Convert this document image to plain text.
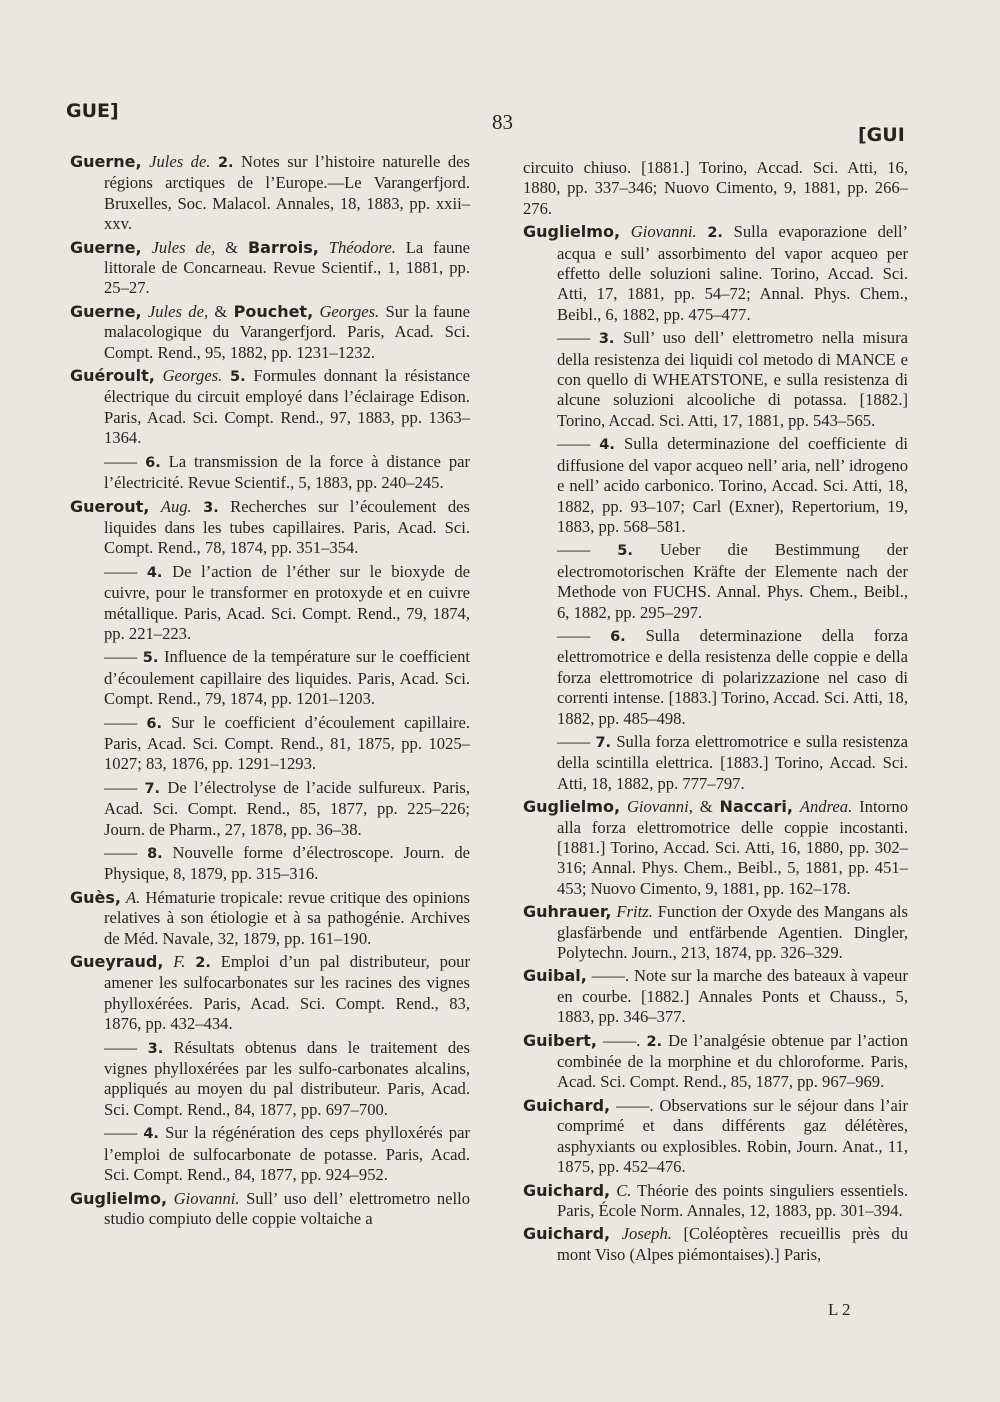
GUE]	83
[GUI

Guerne, Jules de. 2. Notes sur l’histoire naturelle des régions arctiques de l’Europe.—Le Varangerfjord. Bruxelles, Soc. Malacol. Annales, 18, 1883, pp. xxii–xxv.

Guerne, Jules de, & Barrois, Théodore. La faune littorale de Concarneau. Revue Scientif., 1, 1881, pp. 25–27.

Guerne, Jules de, & Pouchet, Georges. Sur la faune malacologique du Varangerfjord. Paris, Acad. Sci. Compt. Rend., 95, 1882, pp. 1231–1232.

Guéroult, Georges. 5. Formules donnant la résistance électrique du circuit employé dans l’éclairage Edison. Paris, Acad. Sci. Compt. Rend., 97, 1883, pp. 1363–1364.

—— 6. La transmission de la force à distance par l’électricité. Revue Scientif., 5, 1883, pp. 240–245.

Guerout, Aug. 3. Recherches sur l’écoulement des liquides dans les tubes capillaires. Paris, Acad. Sci. Compt. Rend., 78, 1874, pp. 351–354.

—— 4. De l’action de l’éther sur le bioxyde de cuivre, pour le transformer en protoxyde et en cuivre métallique. Paris, Acad. Sci. Compt. Rend., 79, 1874, pp. 221–223.

—— 5. Influence de la température sur le coefficient d’écoulement capillaire des liquides. Paris, Acad. Sci. Compt. Rend., 79, 1874, pp. 1201–1203.

—— 6. Sur le coefficient d’écoulement capillaire. Paris, Acad. Sci. Compt. Rend., 81, 1875, pp. 1025–1027; 83, 1876, pp. 1291–1293.

—— 7. De l’électrolyse de l’acide sulfureux. Paris, Acad. Sci. Compt. Rend., 85, 1877, pp. 225–226; Journ. de Pharm., 27, 1878, pp. 36–38.

—— 8. Nouvelle forme d’électroscope. Journ. de Physique, 8, 1879, pp. 315–316.

Guès, A. Hématurie tropicale: revue critique des opinions relatives à son étiologie et à sa pathogénie. Archives de Méd. Navale, 32, 1879, pp. 161–190.

Gueyraud, F. 2. Emploi d’un pal distributeur, pour amener les sulfocarbonates sur les racines des vignes phylloxérées. Paris, Acad. Sci. Compt. Rend., 83, 1876, pp. 432–434.

—— 3. Résultats obtenus dans le traitement des vignes phylloxérées par les sulfo-carbonates alcalins, appliqués au moyen du pal distributeur. Paris, Acad. Sci. Compt. Rend., 84, 1877, pp. 697–700.

—— 4. Sur la régénération des ceps phylloxérés par l’emploi de sulfocarbonate de potasse. Paris, Acad. Sci. Compt. Rend., 84, 1877, pp. 924–952.

Guglielmo, Giovanni. Sull’ uso dell’ elettrometro nello studio compiuto delle coppie voltaiche a

circuito chiuso. [1881.] Torino, Accad. Sci. Atti, 16, 1880, pp. 337–346; Nuovo Cimento, 9, 1881, pp. 266–276.

Guglielmo, Giovanni. 2. Sulla evaporazione dell’ acqua e sull’ assorbimento del vapor acqueo per effetto delle soluzioni saline. Torino, Accad. Sci. Atti, 17, 1881, pp. 54–72; Annal. Phys. Chem., Beibl., 6, 1882, pp. 475–477.

—— 3. Sull’ uso dell’ elettrometro nella misura della resistenza dei liquidi col metodo di MANCE e con quello di WHEATSTONE, e sulla resistenza di alcune soluzioni alcooliche di potassa. [1882.] Torino, Accad. Sci. Atti, 17, 1881, pp. 543–565.

—— 4. Sulla determinazione del coefficiente di diffusione del vapor acqueo nell’ aria, nell’ idrogeno e nell’ acido carbonico. Torino, Accad. Sci. Atti, 18, 1882, pp. 93–107; Carl (Exner), Repertorium, 19, 1883, pp. 568–581.

—— 5. Ueber die Bestimmung der electromotorischen Kräfte der Elemente nach der Methode von FUCHS. Annal. Phys. Chem., Beibl., 6, 1882, pp. 295–297.

—— 6. Sulla determinazione della forza elettromotrice e della resistenza delle coppie e della forza elettromotrice di polarizzazione nel caso di correnti intense. [1883.] Torino, Accad. Sci. Atti, 18, 1882, pp. 485–498.

—— 7. Sulla forza elettromotrice e sulla resistenza della scintilla elettrica. [1883.] Torino, Accad. Sci. Atti, 18, 1882, pp. 777–797.

Guglielmo, Giovanni, & Naccari, Andrea. Intorno alla forza elettromotrice delle coppie incostanti. [1881.] Torino, Accad. Sci. Atti, 16, 1880, pp. 302–316; Annal. Phys. Chem., Beibl., 5, 1881, pp. 451–453; Nuovo Cimento, 9, 1881, pp. 162–178.

Guhrauer, Fritz. Function der Oxyde des Mangans als glasfärbende und entfärbende Agentien. Dingler, Polytechn. Journ., 213, 1874, pp. 326–329.

Guibal, ——. Note sur la marche des bateaux à vapeur en courbe. [1882.] Annales Ponts et Chauss., 5, 1883, pp. 346–377.

Guibert, ——. 2. De l’analgésie obtenue par l’action combinée de la morphine et du chloroforme. Paris, Acad. Sci. Compt. Rend., 85, 1877, pp. 967–969.

Guichard, ——. Observations sur le séjour dans l’air comprimé et dans différents gaz délétères, asphyxiants ou explosibles. Robin, Journ. Anat., 11, 1875, pp. 452–476.

Guichard, C. Théorie des points singuliers essentiels. Paris, École Norm. Annales, 12, 1883, pp. 301–394.

Guichard, Joseph. [Coléoptères recueillis près du mont Viso (Alpes piémontaises).] Paris,

L 2
